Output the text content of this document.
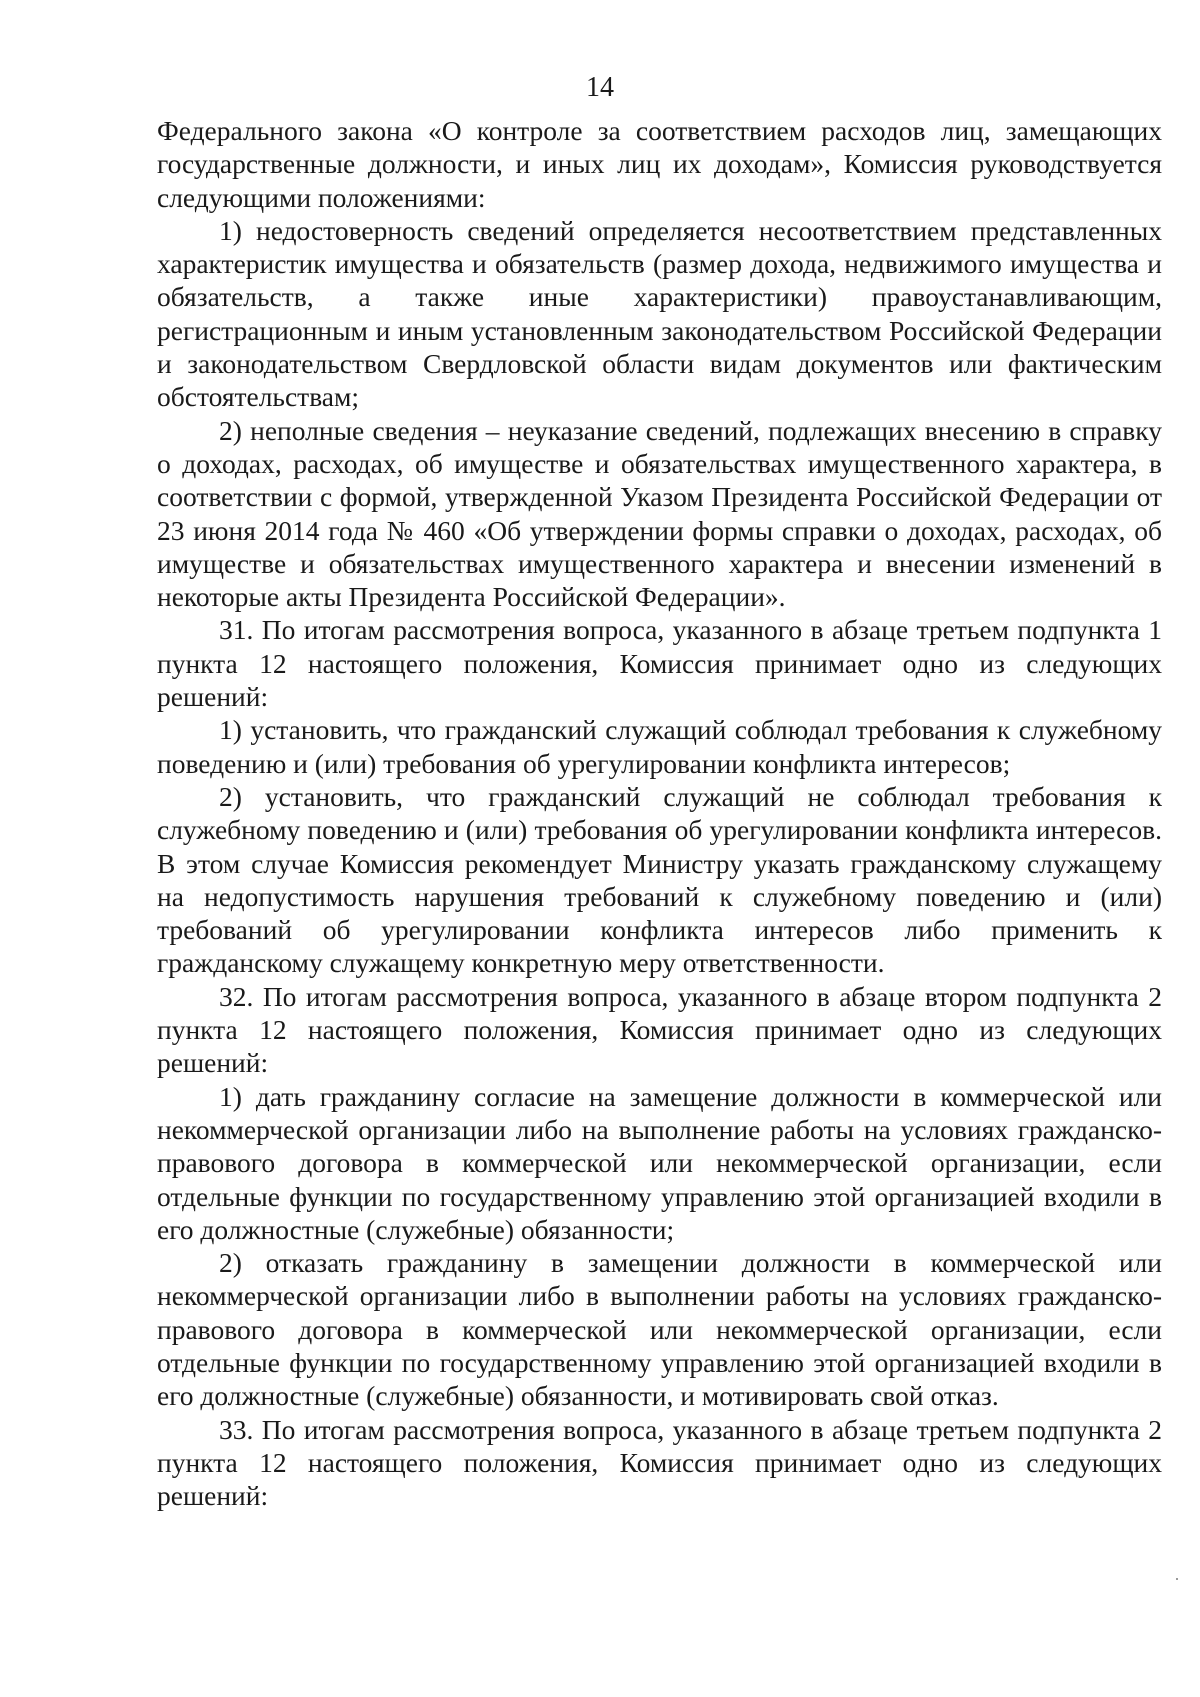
14

Федерального закона «О контроле за соответствием расходов лиц, замещающих государственные должности, и иных лиц их доходам», Комиссия руководствуется следующими положениями:

1) недостоверность сведений определяется несоответствием представленных характеристик имущества и обязательств (размер дохода, недвижимого имущества и обязательств, а также иные характеристики) правоустанавливающим, регистрационным и иным установленным законодательством Российской Федерации и законодательством Свердловской области видам документов или фактическим обстоятельствам;

2) неполные сведения – неуказание сведений, подлежащих внесению в справку о доходах, расходах, об имуществе и обязательствах имущественного характера, в соответствии с формой, утвержденной Указом Президента Российской Федерации от 23 июня 2014 года № 460 «Об утверждении формы справки о доходах, расходах, об имуществе и обязательствах имущественного характера и внесении изменений в некоторые акты Президента Российской Федерации».

31. По итогам рассмотрения вопроса, указанного в абзаце третьем подпункта 1 пункта 12 настоящего положения, Комиссия принимает одно из следующих решений:

1) установить, что гражданский служащий соблюдал требования к служебному поведению и (или) требования об урегулировании конфликта интересов;

2) установить, что гражданский служащий не соблюдал требования к служебному поведению и (или) требования об урегулировании конфликта интересов. В этом случае Комиссия рекомендует Министру указать гражданскому служащему на недопустимость нарушения требований к служебному поведению и (или) требований об урегулировании конфликта интересов либо применить к гражданскому служащему конкретную меру ответственности.

32. По итогам рассмотрения вопроса, указанного в абзаце втором подпункта 2 пункта 12 настоящего положения, Комиссия принимает одно из следующих решений:

1) дать гражданину согласие на замещение должности в коммерческой или некоммерческой организации либо на выполнение работы на условиях гражданско-правового договора в коммерческой или некоммерческой организации, если отдельные функции по государственному управлению этой организацией входили в его должностные (служебные) обязанности;

2) отказать гражданину в замещении должности в коммерческой или некоммерческой организации либо в выполнении работы на условиях гражданско-правового договора в коммерческой или некоммерческой организации, если отдельные функции по государственному управлению этой организацией входили в его должностные (служебные) обязанности, и мотивировать свой отказ.

33. По итогам рассмотрения вопроса, указанного в абзаце третьем подпункта 2 пункта 12 настоящего положения, Комиссия принимает одно из следующих решений:
